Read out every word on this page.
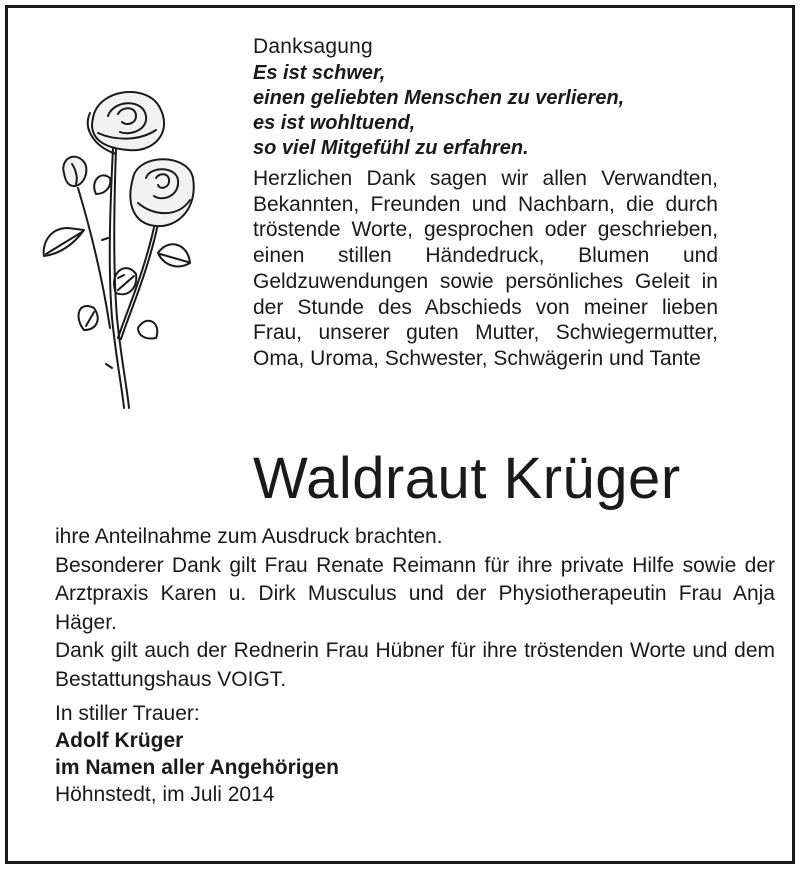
Danksagung
Es ist schwer,
einen geliebten Menschen zu verlieren,
es ist wohltuend,
so viel Mitgefühl zu erfahren.
Herzlichen Dank sagen wir allen Verwandten, Bekannten, Freunden und Nachbarn, die durch tröstende Worte, gesprochen oder geschrieben, einen stillen Händedruck, Blumen und Geldzuwendungen sowie persönliches Geleit in der Stunde des Abschieds von meiner lieben Frau, unserer guten Mutter, Schwiegermutter, Oma, Uroma, Schwester, Schwägerin und Tante
Waldraut Krüger
ihre Anteilnahme zum Ausdruck brachten.
Besonderer Dank gilt Frau Renate Reimann für ihre private Hilfe sowie der Arztpraxis Karen u. Dirk Musculus und der Physiotherapeutin Frau Anja Häger.
Dank gilt auch der Rednerin Frau Hübner für ihre tröstenden Worte und dem Bestattungshaus VOIGT.
In stiller Trauer:
Adolf Krüger
im Namen aller Angehörigen
Höhnstedt, im Juli 2014
